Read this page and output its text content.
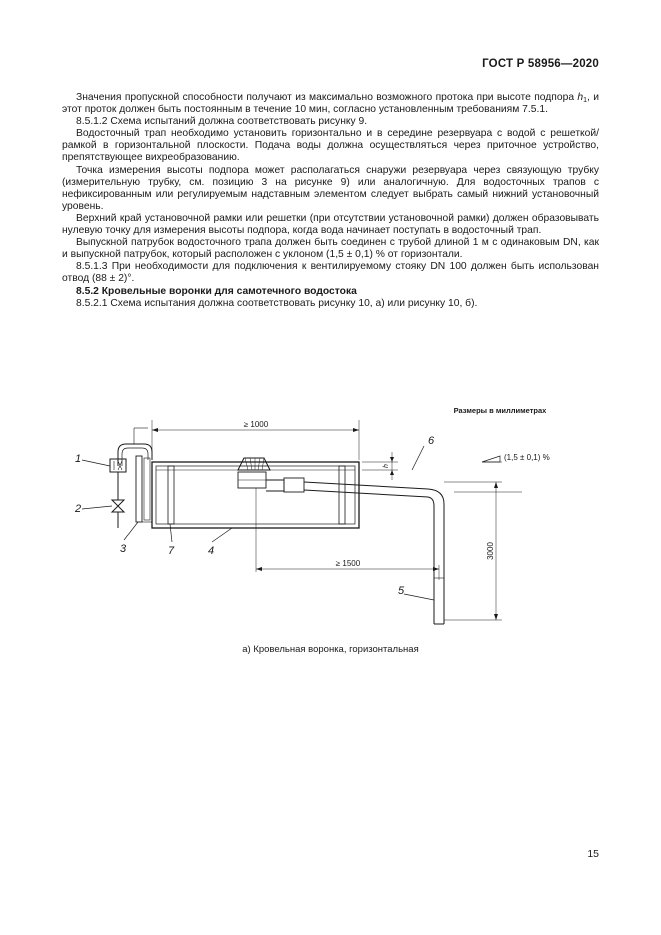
ГОСТ Р 58956—2020

Значения пропускной способности получают из максимально возможного протока при высоте подпора $h_1$, и этот проток должен быть постоянным в течение 10 мин, согласно установленным требованиям 7.5.1.

8.5.1.2 Схема испытаний должна соответствовать рисунку 9.

Водосточный трап необходимо установить горизонтально и в середине резервуара с водой с решеткой/рамкой в горизонтальной плоскости. Подача воды должна осуществляться через приточное устройство, препятствующее вихреобразованию.

Точка измерения высоты подпора может располагаться снаружи резервуара через связующую трубку (измерительную трубку, см. позицию 3 на рисунке 9) или аналогичную. Для водосточных трапов с нефиксированным или регулируемым надставным элементом следует выбрать самый нижний установочный уровень.

Верхний край установочной рамки или решетки (при отсутствии установочной рамки) должен образовывать нулевую точку для измерения высоты подпора, когда вода начинает поступать в водосточный трап.

Выпускной патрубок водосточного трапа должен быть соединен с трубой длиной 1 м с одинаковым DN, как и выпускной патрубок, который расположен с уклоном (1,5 ± 0,1) % от горизонтали.

8.5.1.3 При необходимости для подключения к вентилируемому стояку DN 100 должен быть использован отвод (88 ± 2)°.

8.5.2 Кровельные воронки для самотечного водостока

8.5.2.1 Схема испытания должна соответствовать рисунку 10, а) или рисунку 10, б).

Размеры в миллиметрах
≥ 1000
≥ 1500
3000
h
(1,5 ± 0,1) %
1
2
3	7	4
6
5
а) Кровельная воронка, горизонтальная
15
